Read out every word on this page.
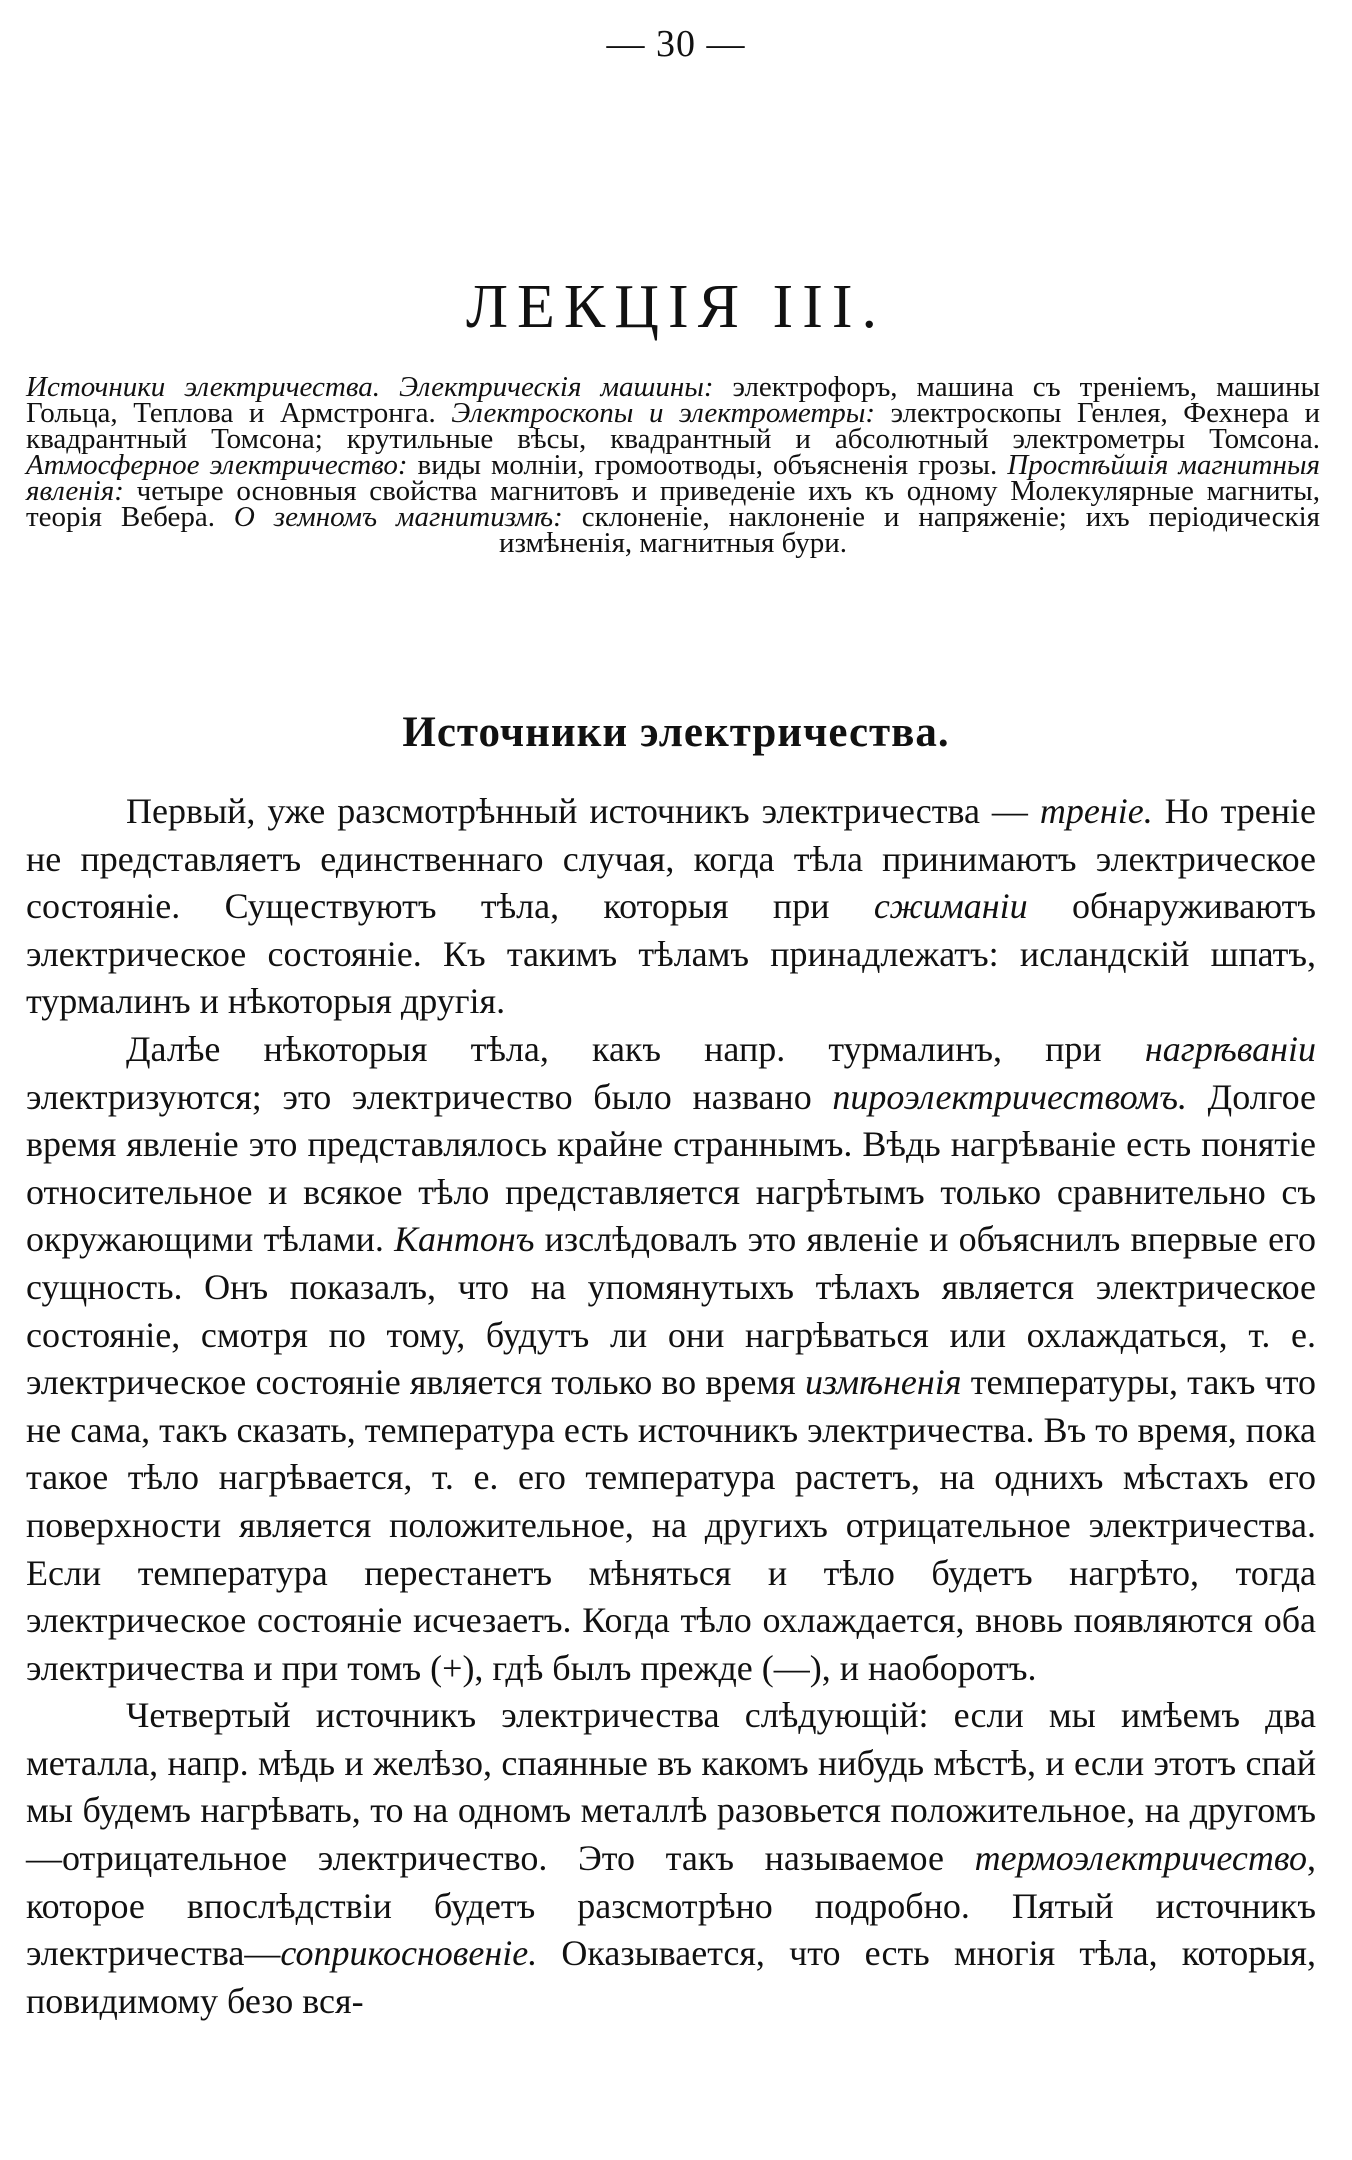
— 30 —
ЛЕКЦІЯ III.
Источники электричества. Электрическія машины: электрофоръ, машина съ треніемъ, машины Гольца, Теплова и Армстронга. Электроскопы и электрометры: электроскопы Генлея, Фехнера и квадрантный Томсона; крутильные вѣсы, квадрантный и абсолютный электрометры Томсона. Атмосферное электричество: виды молніи, громоотводы, объясненія грозы. Простѣйшія магнитныя явленія: четыре основныя свойства магнитовъ и приведеніе ихъ къ одному Молекулярные магниты, теорія Вебера. О земномъ магнитизмѣ: склоненіе, наклоненіе и напряженіе; ихъ періодическія измѣненія, магнитныя бури.
Источники электричества.

Первый, уже разсмотрѣнный источникъ электричества — треніе. Но треніе не представляетъ единственнаго случая, когда тѣла принимаютъ электрическое состояніе. Существуютъ тѣла, которыя при сжиманіи обнаруживаютъ электрическое состояніе. Къ такимъ тѣламъ принадлежатъ: исландскій шпатъ, турмалинъ и нѣкоторыя другія.

Далѣе нѣкоторыя тѣла, какъ напр. турмалинъ, при нагрѣваніи электризуются; это электричество было названо пироэлектричествомъ. Долгое время явленіе это представлялось крайне страннымъ. Вѣдь нагрѣваніе есть понятіе относительное и всякое тѣло представляется нагрѣтымъ только сравнительно съ окружающими тѣлами. Кантонъ изслѣдовалъ это явленіе и объяснилъ впервые его сущность. Онъ показалъ, что на упомянутыхъ тѣлахъ является электрическое состояніе, смотря по тому, будутъ ли они нагрѣваться или охлаждаться, т. е. электрическое состояніе является только во время измѣненія температуры, такъ что не сама, такъ сказать, температура есть источникъ электричества. Въ то время, пока такое тѣло нагрѣвается, т. е. его температура растетъ, на однихъ мѣстахъ его поверхности является положительное, на другихъ отрицательное электричества. Если температура перестанетъ мѣняться и тѣло будетъ нагрѣто, тогда электрическое состояніе исчезаетъ. Когда тѣло охлаждается, вновь появляются оба электричества и при томъ (+), гдѣ былъ прежде (—), и наоборотъ.

Четвертый источникъ электричества слѣдующій: если мы имѣемъ два металла, напр. мѣдь и желѣзо, спаянные въ какомъ нибудь мѣстѣ, и если этотъ спай мы будемъ нагрѣвать, то на одномъ металлѣ разовьется положительное, на другомъ—отрицательное электричество. Это такъ называемое термоэлектричество, которое впослѣдствіи будетъ разсмотрѣно подробно. Пятый источникъ электричества—соприкосновеніе. Оказывается, что есть многія тѣла, которыя, повидимому безо вся-
